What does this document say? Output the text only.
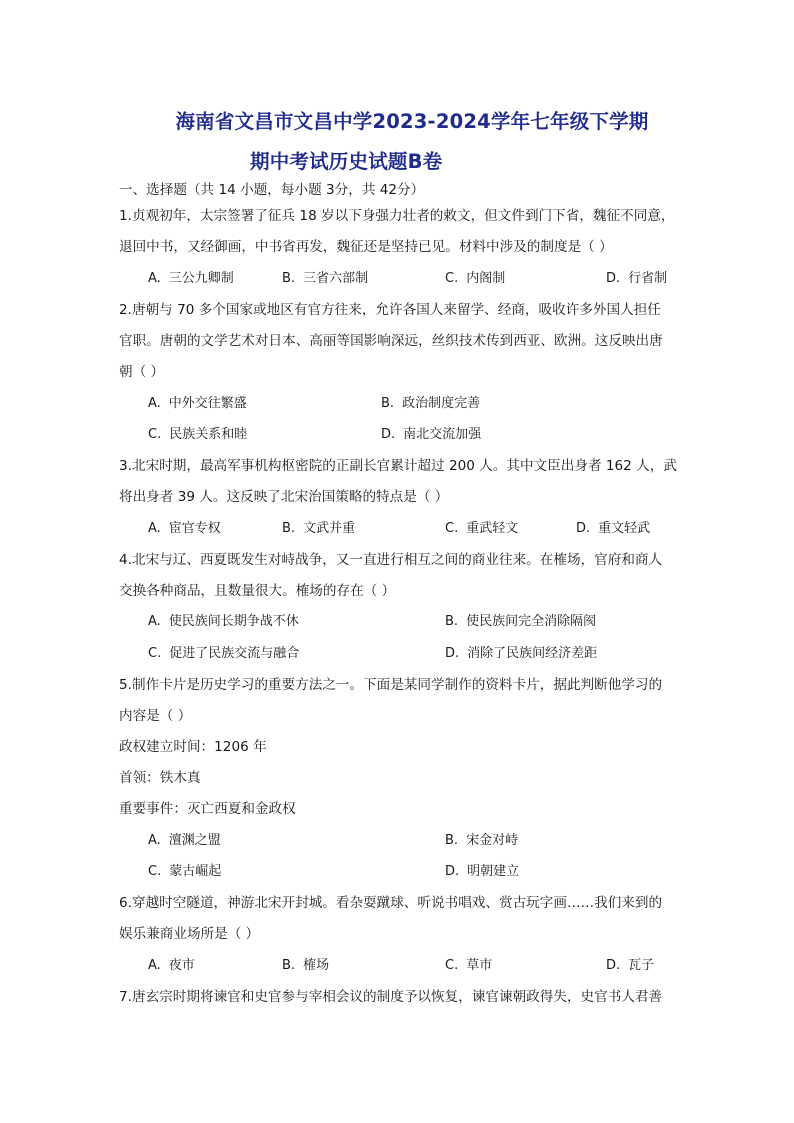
海南省文昌市文昌中学2023-2024学年七年级下学期
期中考试历史试题B卷
一、选择题（共 14 小题，每小题 3分，共 42分）
1.贞观初年，太宗签署了征兵 18 岁以下身强力壮者的敕文，但文件到门下省，魏征不同意，
退回中书，又经御画，中书省再发，魏征还是坚持已见。材料中涉及的制度是（ ）
A. 三公九卿制	B. 三省六部制	C. 内阁制	D. 行省制
2.唐朝与 70 多个国家或地区有官方往来，允许各国人来留学、经商，吸收许多外国人担任
官职。唐朝的文学艺术对日本、高丽等国影响深远，丝织技术传到西亚、欧洲。这反映出唐
朝（ ）
A. 中外交往繁盛	B. 政治制度完善
C. 民族关系和睦	D. 南北交流加强
3.北宋时期，最高军事机构枢密院的正副长官累计超过 200 人。其中文臣出身者 162 人，武
将出身者 39 人。这反映了北宋治国策略的特点是（ ）
A. 宦官专权	B. 文武并重	C. 重武轻文	D. 重文轻武
4.北宋与辽、西夏既发生对峙战争，又一直进行相互之间的商业往来。在榷场，官府和商人
交换各种商品，且数量很大。榷场的存在（ ）
A. 使民族间长期争战不休	B. 使民族间完全消除隔阂
C. 促进了民族交流与融合	D. 消除了民族间经济差距
5.制作卡片是历史学习的重要方法之一。下面是某同学制作的资料卡片，据此判断他学习的
内容是（ ）
政权建立时间：1206 年
首领：铁木真
重要事件：灭亡西夏和金政权
A. 澶渊之盟	B. 宋金对峙
C. 蒙古崛起	D. 明朝建立
6.穿越时空隧道，神游北宋开封城。看杂耍蹴球、听说书唱戏、赏古玩字画……我们来到的
娱乐兼商业场所是（ ）
A. 夜市	B. 榷场	C. 草市	D. 瓦子
7.唐玄宗时期将谏官和史官参与宰相会议的制度予以恢复，谏官谏朝政得失，史官书人君善
